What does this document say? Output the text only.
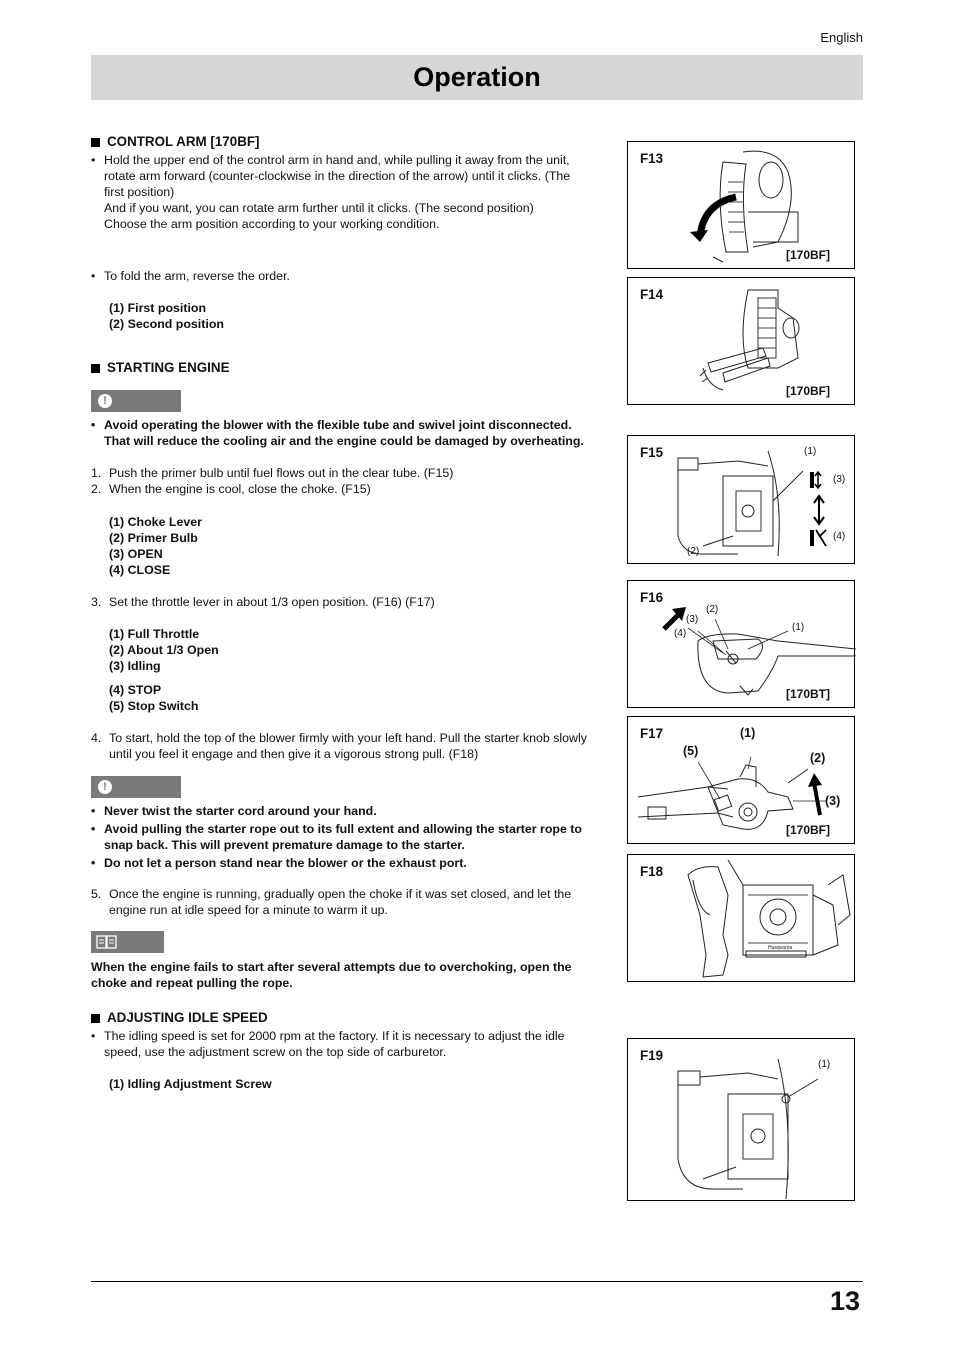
English
Operation

CONTROL ARM [170BF]

• Hold the upper end of the control arm in hand and, while pulling it away from the unit, rotate arm forward (counter-clockwise in the direction of the arrow) until it clicks. (The first position)
And if you want, you can rotate arm further until it clicks. (The second position)
Choose the arm position according to your working condition.
• To fold the arm, reverse the order.
(1) First position
(2) Second position

STARTING ENGINE

!
• Avoid operating the blower with the flexible tube and swivel joint disconnected. That will reduce the cooling air and the engine could be damaged by overheating.
1. Push the primer bulb until fuel flows out in the clear tube. (F15)
2. When the engine is cool, close the choke. (F15)
(1) Choke Lever
(2) Primer Bulb
(3) OPEN
(4) CLOSE
3. Set the throttle lever in about 1/3 open position. (F16) (F17)
(1) Full Throttle
(2) About 1/3 Open
(3) Idling
(4) STOP
(5) Stop Switch
4. To start, hold the top of the blower firmly with your left hand. Pull the starter knob slowly until you feel it engage and then give it a vigorous strong pull. (F18)
!
• Never twist the starter cord around your hand.
• Avoid pulling the starter rope out to its full extent and allowing the starter rope to snap back. This will prevent premature damage to the starter.
• Do not let a person stand near the blower or the exhaust port.
5. Once the engine is running, gradually open the choke if it was set closed, and let the engine run at idle speed for a minute to warm it up.
When the engine fails to start after several attempts due to overchoking, open the choke and repeat pulling the rope.

ADJUSTING IDLE SPEED

• The idling speed is set for 2000 rpm at the factory. If it is necessary to adjust the idle speed, use the adjustment screw on the top side of carburetor.
(1) Idling Adjustment Screw
F13
[170BF]
F14
[170BF]
F15	(1)
(3)
(4)
(2)
F16
(2)
(3)
(4)
(1)
[170BT]
F17	(1)
(5)	(2)
(3)
[170BF]
F18
Husqvarna
F19
(1)
13
